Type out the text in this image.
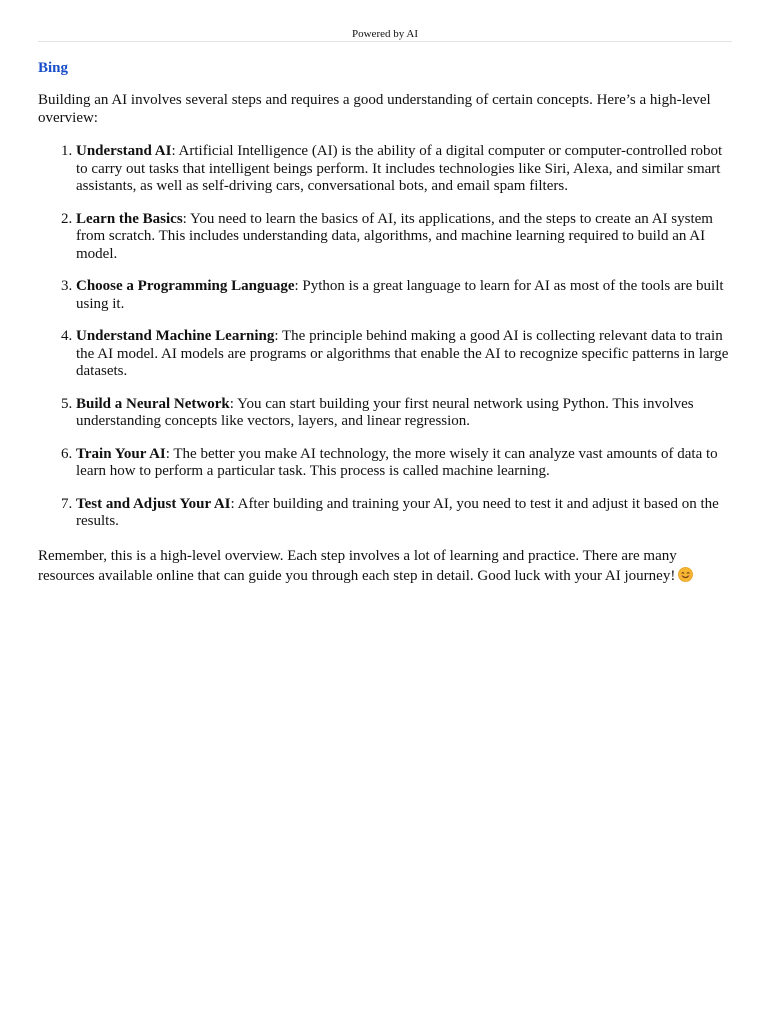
Powered by AI
Bing

Building an AI involves several steps and requires a good understanding of certain concepts. Here’s a high-level overview:

1. Understand AI: Artificial Intelligence (AI) is the ability of a digital computer or computer-controlled robot to carry out tasks that intelligent beings perform. It includes technologies like Siri, Alexa, and similar smart assistants, as well as self-driving cars, conversational bots, and email spam filters.
2. Learn the Basics: You need to learn the basics of AI, its applications, and the steps to create an AI system from scratch. This includes understanding data, algorithms, and machine learning required to build an AI model.
3. Choose a Programming Language: Python is a great language to learn for AI as most of the tools are built using it.
4. Understand Machine Learning: The principle behind making a good AI is collecting relevant data to train the AI model. AI models are programs or algorithms that enable the AI to recognize specific patterns in large datasets.
5. Build a Neural Network: You can start building your first neural network using Python. This involves understanding concepts like vectors, layers, and linear regression.
6. Train Your AI: The better you make AI technology, the more wisely it can analyze vast amounts of data to learn how to perform a particular task. This process is called machine learning.
7. Test and Adjust Your AI: After building and training your AI, you need to test it and adjust it based on the results.

Remember, this is a high-level overview. Each step involves a lot of learning and practice. There are many resources available online that can guide you through each step in detail. Good luck with your AI journey!
